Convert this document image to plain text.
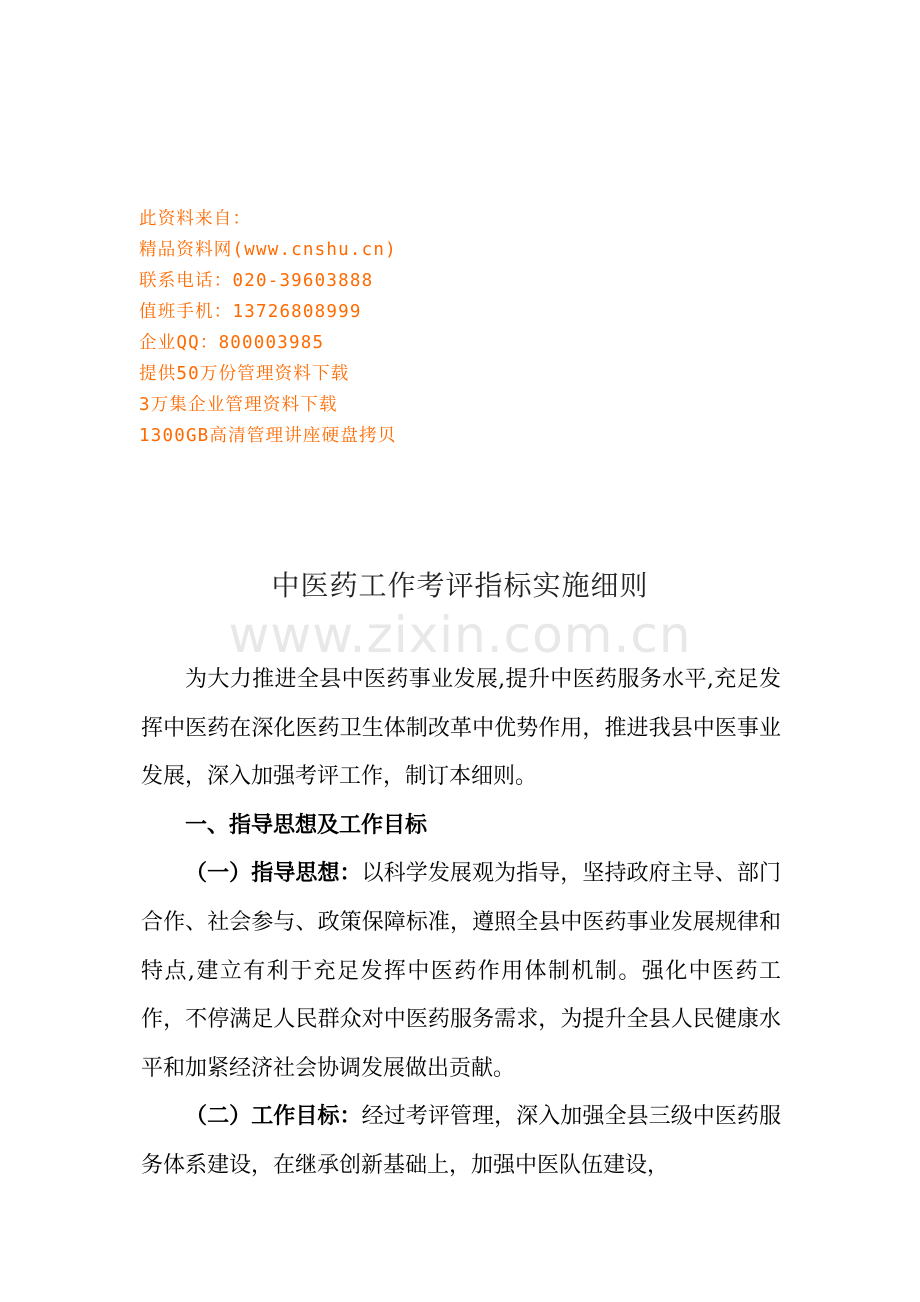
此资料来自：
精品资料网(www.cnshu.cn)
联系电话：020-39603888
值班手机：13726808999
企业QQ：800003985
提供50万份管理资料下载
3万集企业管理资料下载
1300GB高清管理讲座硬盘拷贝
中医药工作考评指标实施细则
www.zixin.com.cn

为大力推进全县中医药事业发展,提升中医药服务水平,充足发挥中医药在深化医药卫生体制改革中优势作用，推进我县中医事业发展，深入加强考评工作，制订本细则。

一、指导思想及工作目标

（一）指导思想：以科学发展观为指导，坚持政府主导、部门合作、社会参与、政策保障标准，遵照全县中医药事业发展规律和特点,建立有利于充足发挥中医药作用体制机制。强化中医药工作，不停满足人民群众对中医药服务需求，为提升全县人民健康水平和加紧经济社会协调发展做出贡献。

（二）工作目标：经过考评管理，深入加强全县三级中医药服务体系建设，在继承创新基础上，加强中医队伍建设，
